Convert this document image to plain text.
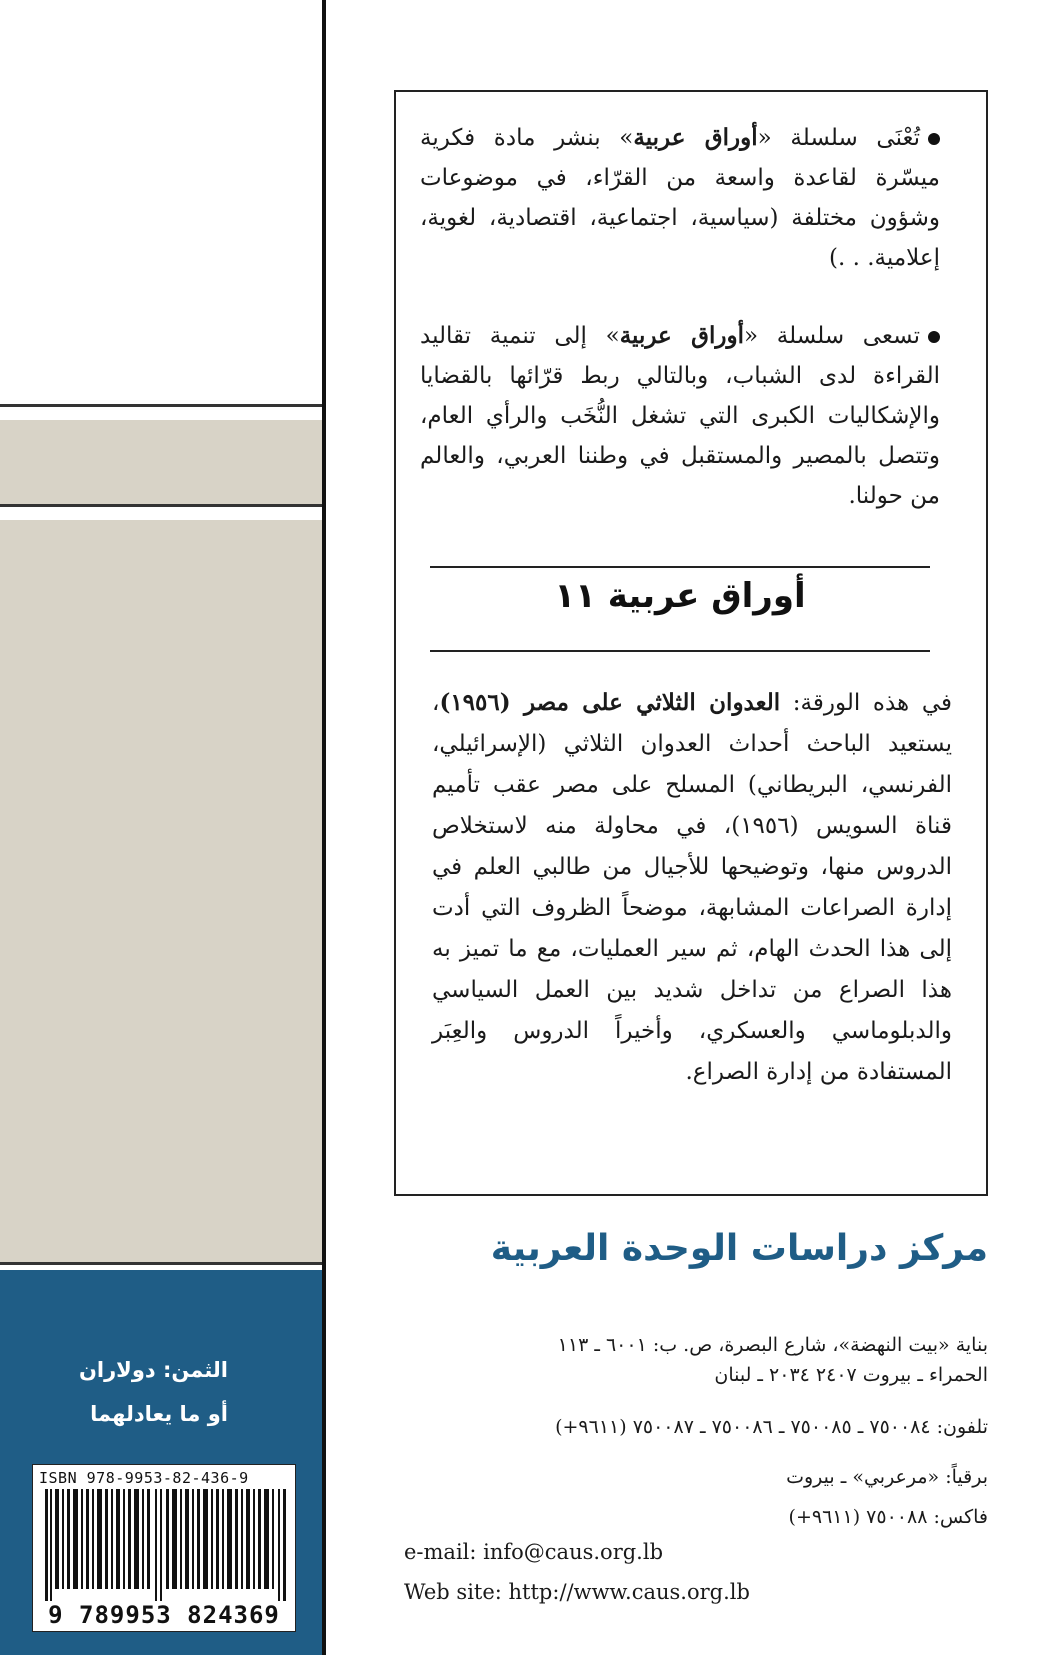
الثمن: دولاران
أو ما يعادلهما
ISBN 978-9953-82-436-9
9 789953 824369
تُعْنَى سلسلة «أوراق عربية» بنشر مادة فكرية ميسّرة لقاعدة واسعة من القرّاء، في موضوعات وشؤون مختلفة (سياسية، اجتماعية، اقتصادية، لغوية، إعلامية. . .)
تسعى سلسلة «أوراق عربية» إلى تنمية تقاليد القراءة لدى الشباب، وبالتالي ربط قرّائها بالقضايا والإشكاليات الكبرى التي تشغل النُّخَب والرأي العام، وتتصل بالمصير والمستقبل في وطننا العربي، والعالم من حولنا.
أوراق عربية ١١
في هذه الورقة: العدوان الثلاثي على مصر (١٩٥٦)، يستعيد الباحث أحداث العدوان الثلاثي (الإسرائيلي، الفرنسي، البريطاني) المسلح على مصر عقب تأميم قناة السويس (١٩٥٦)، في محاولة منه لاستخلاص الدروس منها، وتوضيحها للأجيال من طالبي العلم في إدارة الصراعات المشابهة، موضحاً الظروف التي أدت إلى هذا الحدث الهام، ثم سير العمليات، مع ما تميز به هذا الصراع من تداخل شديد بين العمل السياسي والدبلوماسي والعسكري، وأخيراً الدروس والعِبَر المستفادة من إدارة الصراع.
مركز دراسات الوحدة العربية
بناية «بيت النهضة»، شارع البصرة، ص. ب: ٦٠٠١ ـ ١١٣
الحمراء ـ بيروت ٢٤٠٧ ٢٠٣٤ ـ لبنان
تلفون: ٧٥٠٠٨٤ ـ ٧٥٠٠٨٥ ـ ٧٥٠٠٨٦ ـ ٧٥٠٠٨٧ (٩٦١١+)
برقياً: «مرعربي» ـ بيروت
فاكس: ٧٥٠٠٨٨ (٩٦١١+)
e-mail: info@caus.org.lb
Web site: http://www.caus.org.lb
